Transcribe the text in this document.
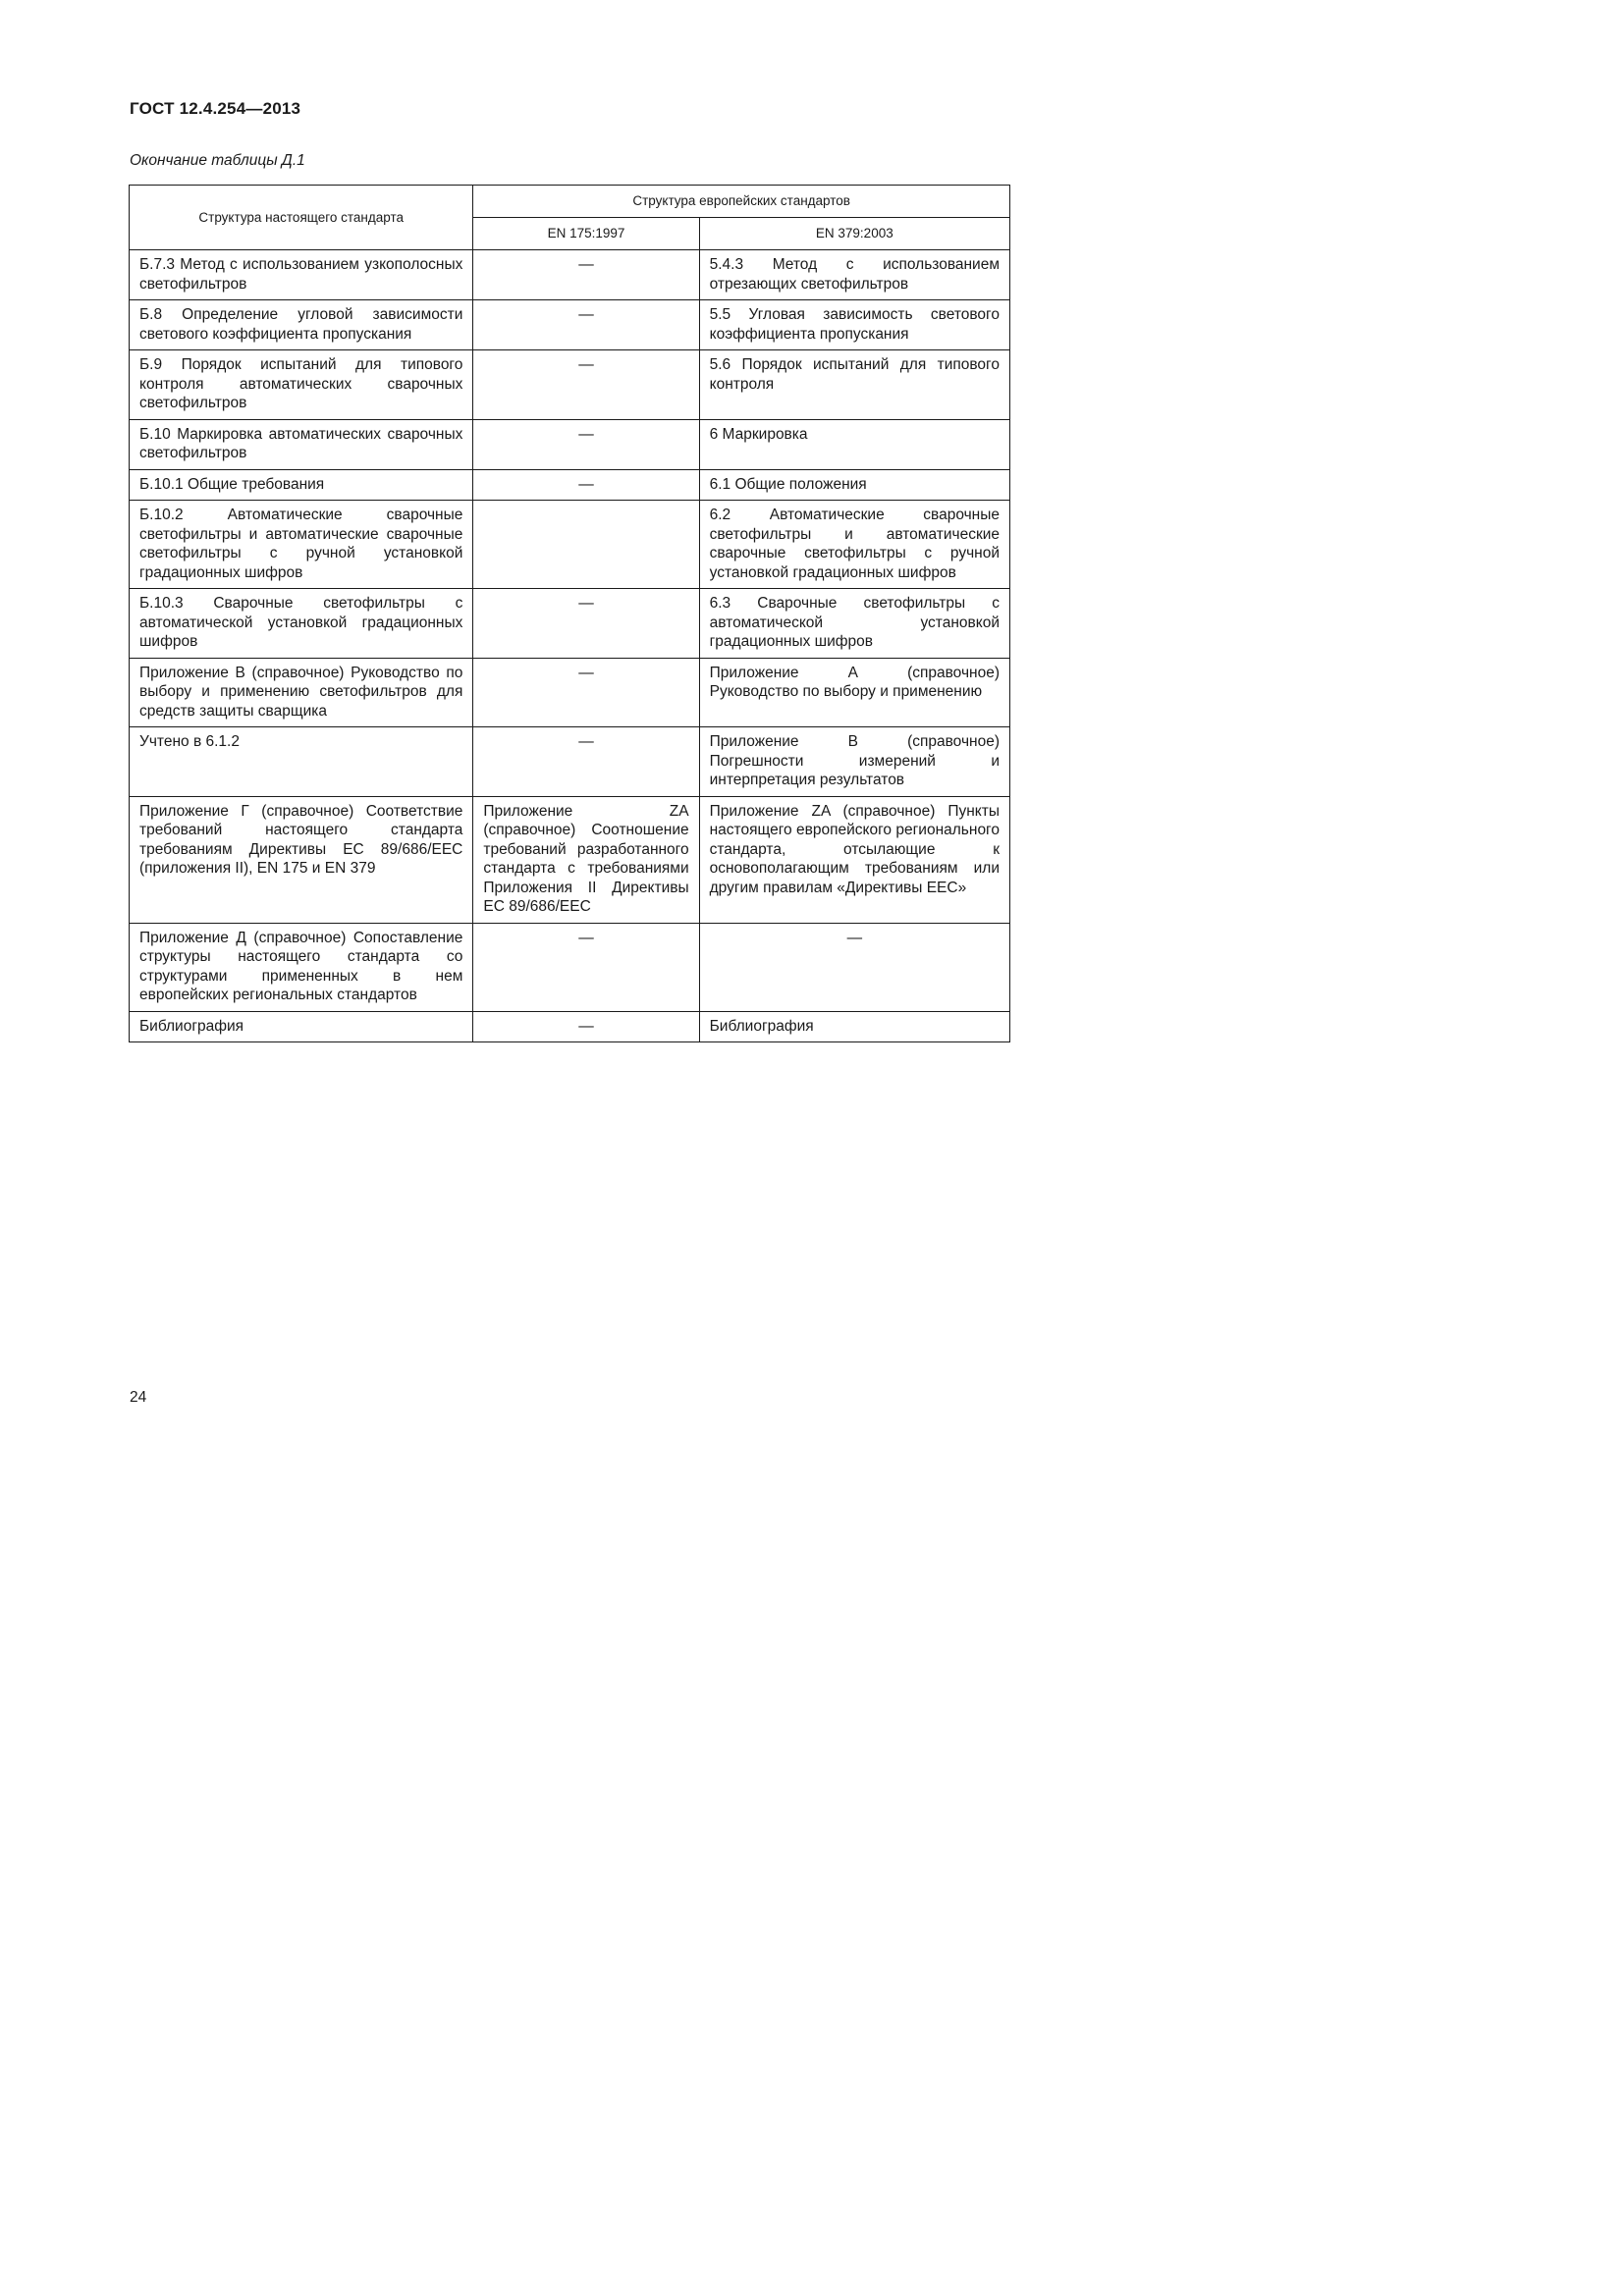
ГОСТ 12.4.254—2013
Окончание таблицы Д.1
Структура настоящего стандарта	Структура европейских стандартов	
	EN 175:1997	EN 379:2003
Б.7.3 Метод с использованием узкополосных светофильтров	—	5.4.3 Метод с использованием отрезающих светофильтров
Б.8 Определение угловой зависимости светового коэффициента пропускания	—	5.5 Угловая зависимость светового коэффициента пропускания
Б.9 Порядок испытаний для типового контроля автоматических сварочных светофильтров	—	5.6 Порядок испытаний для типового контроля
Б.10 Маркировка автоматических сварочных светофильтров	—	6 Маркировка
Б.10.1 Общие требования	—	6.1 Общие положения
Б.10.2 Автоматические сварочные светофильтры и автоматические сварочные светофильтры с ручной установкой градационных шифров		6.2 Автоматические сварочные светофильтры и автоматические сварочные светофильтры с ручной установкой градационных шифров
Б.10.3 Сварочные светофильтры с автоматической установкой градационных шифров	—	6.3 Сварочные светофильтры с автоматической установкой градационных шифров
Приложение В (справочное) Руководство по выбору и применению светофильтров для средств защиты сварщика	—	Приложение А (справочное) Руководство по выбору и применению
Учтено в 6.1.2	—	Приложение В (справочное) Погрешности измерений и интерпретация результатов
Приложение Г (справочное) Соответствие требований настоящего стандарта требованиям Директивы ЕС 89/686/ЕЕС (приложения II), EN 175 и EN 379	Приложение ZA (справочное) Соотношение требований разработанного стандарта с требованиями Приложения II Директивы ЕС 89/686/ЕЕС	Приложение ZA (справочное) Пункты настоящего европейского регионального стандарта, отсылающие к основополагающим требованиям или другим правилам «Директивы ЕЕС»
Приложение Д (справочное) Сопоставление структуры настоящего стандарта со структурами примененных в нем европейских региональных стандартов	—	—
Библиография	—	Библиография
24
